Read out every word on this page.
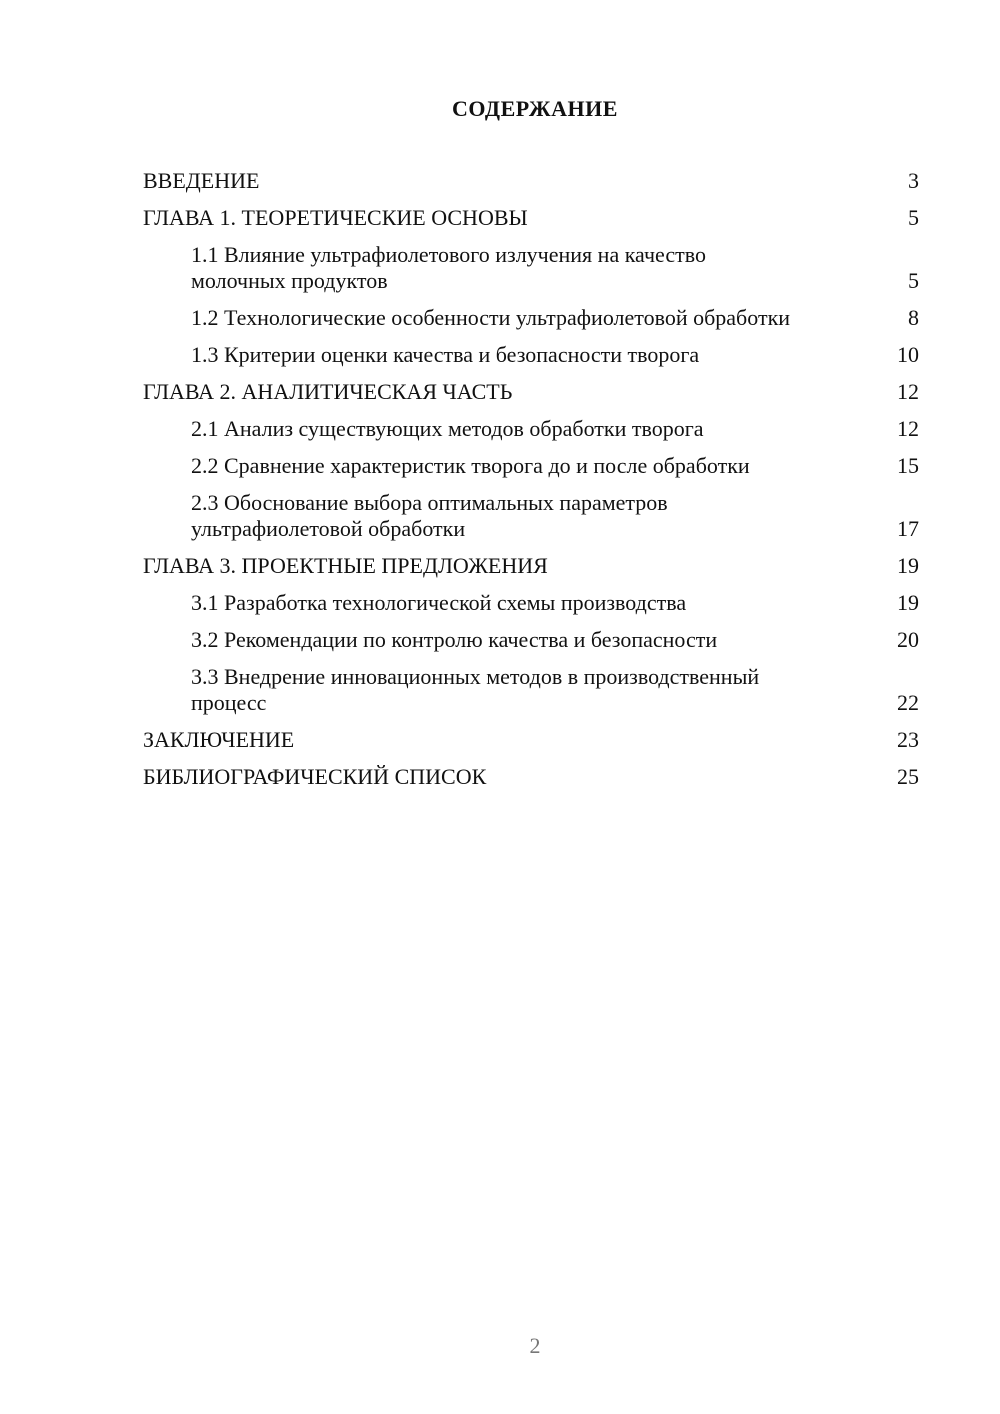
СОДЕРЖАНИЕ
ВВЕДЕНИЕ	3
ГЛАВА 1. ТЕОРЕТИЧЕСКИЕ ОСНОВЫ	5
1.1 Влияние ультрафиолетового излучения на качество молочных продуктов	5
1.2 Технологические особенности ультрафиолетовой обработки	8
1.3 Критерии оценки качества и безопасности творога	10
ГЛАВА 2. АНАЛИТИЧЕСКАЯ ЧАСТЬ	12
2.1 Анализ существующих методов обработки творога	12
2.2 Сравнение характеристик творога до и после обработки	15
2.3 Обоснование выбора оптимальных параметров ультрафиолетовой обработки	17
ГЛАВА 3. ПРОЕКТНЫЕ ПРЕДЛОЖЕНИЯ	19
3.1 Разработка технологической схемы производства	19
3.2 Рекомендации по контролю качества и безопасности	20
3.3 Внедрение инновационных методов в производственный процесс	22
ЗАКЛЮЧЕНИЕ	23
БИБЛИОГРАФИЧЕСКИЙ СПИСОК	25
2
